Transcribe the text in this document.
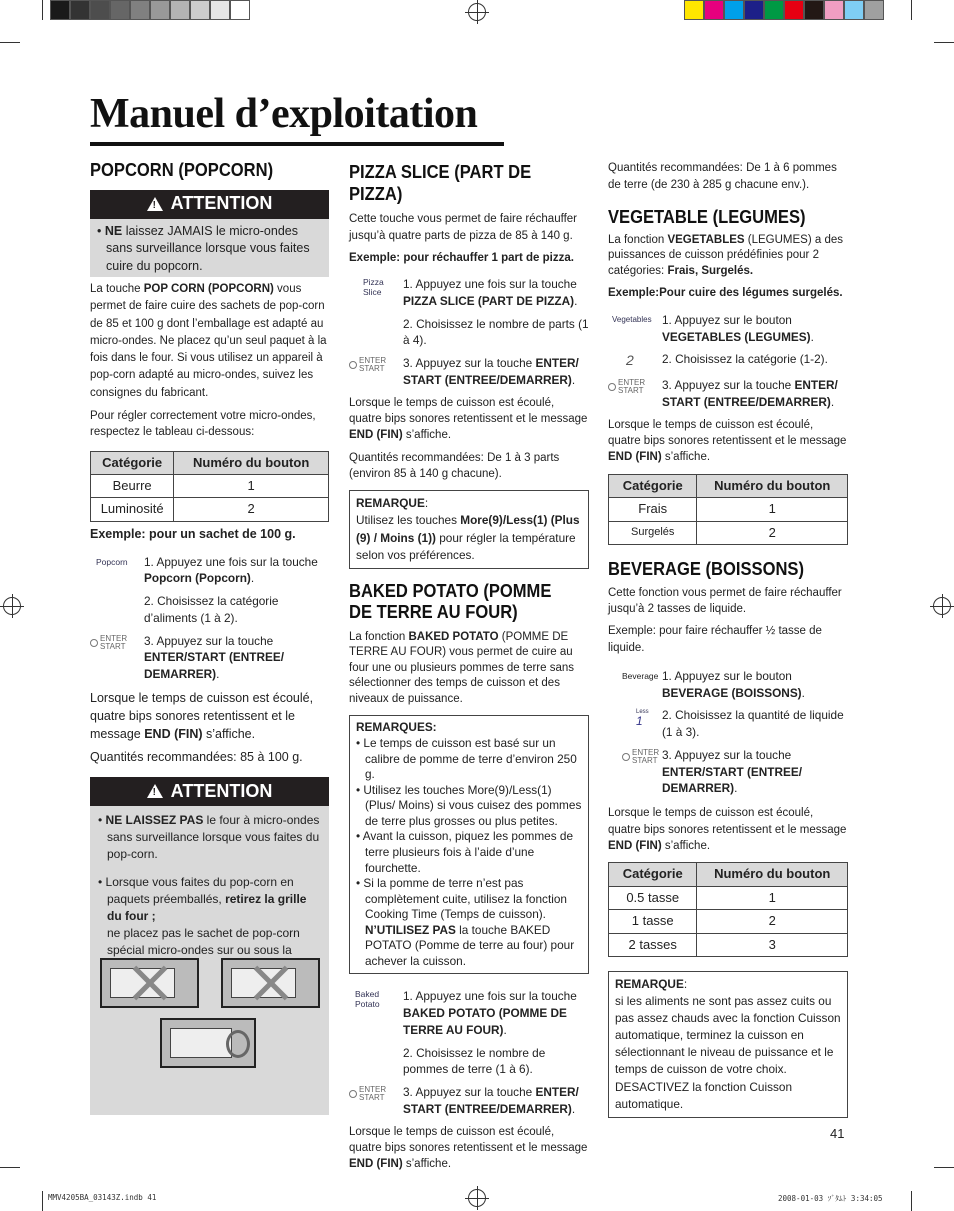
Manuel d’exploitation
POPCORN (POPCORN)
!
ATTENTION
• NE laissez JAMAIS le micro-ondes sans surveillance lorsque vous faites cuire du popcorn.
La touche POP CORN (POPCORN) vous permet de faire cuire des sachets de pop-corn de 85 et 100 g dont l’emballage est adapté au micro-ondes. Ne placez qu’un seul paquet à la fois dans le four. Si vous utilisez un appareil à pop-corn adapté au micro-ondes, suivez les consignes du fabricant.
Pour régler correctement votre micro-ondes, respectez le tableau ci-dessous:
Catégorie	Numéro du bouton
Beurre	1
Luminosité	2
Exemple: pour un sachet de 100 g.
Popcorn	1. Appuyez une fois sur la touche Popcorn (Popcorn).
2. Choisissez la catégorie d’aliments (1 à 2).
ENTER
START 3. Appuyez sur la touche ENTER/START (ENTREE/ DEMARRER).
Lorsque le temps de cuisson est écoulé, quatre bips sonores retentissent et le message END (FIN) s’affiche.
Quantités recommandées: 85 à 100 g.
!
ATTENTION
• NE LAISSEZ PAS le four à micro-ondes sans surveillance lorsque vous faites du pop-corn.
• Lorsque vous faites du pop-corn en paquets préemballés, retirez la grille du four ;
ne placez pas le sachet de pop-corn spécial micro-ondes sur ou sous la
PIZZA SLICE (PART DE PIZZA)
Cette touche vous permet de faire réchauffer jusqu’à quatre parts de pizza de 85 à 140 g.
Exemple: pour réchauffer 1 part de pizza.
Pizza
Slice
1. Appuyez une fois sur la touche PIZZA SLICE (PART DE PIZZA).
2. Choisissez le nombre de parts (1 à 4).
ENTER
START 3. Appuyez sur la touche ENTER/ START (ENTREE/DEMARRER).
Lorsque le temps de cuisson est écoulé, quatre bips sonores retentissent et le message END (FIN) s’affiche.
Quantités recommandées: De 1 à 3 parts (environ 85 à 140 g chacune).
REMARQUE:
Utilisez les touches More(9)/Less(1) (Plus (9) / Moins (1)) pour régler la température selon vos préférences.
BAKED POTATO (POMME DE TERRE AU FOUR)
La fonction BAKED POTATO (POMME DE TERRE AU FOUR) vous permet de cuire au four une ou plusieurs pommes de terre sans sélectionner des temps de cuisson et des niveaux de puissance.
REMARQUES:
• Le temps de cuisson est basé sur un calibre de pomme de terre d’environ 250 g.
• Utilisez les touches More(9)/Less(1) (Plus/ Moins) si vous cuisez des pommes de terre plus grosses ou plus petites.
• Avant la cuisson, piquez les pommes de terre plusieurs fois à l’aide d’une fourchette.
• Si la pomme de terre n’est pas complètement cuite, utilisez la fonction Cooking Time (Temps de cuisson).
N’UTILISEZ PAS la touche BAKED POTATO (Pomme de terre au four) pour achever la cuisson.
Baked
Potato
1. Appuyez une fois sur la touche BAKED POTATO (POMME DE TERRE AU FOUR).
2. Choisissez le nombre de pommes de terre (1 à 6).
ENTER
START 3. Appuyez sur la touche ENTER/ START (ENTREE/DEMARRER).
Lorsque le temps de cuisson est écoulé, quatre bips sonores retentissent et le message END (FIN) s’affiche.
Quantités recommandées: De 1 à 6 pommes de terre (de 230 à 285 g chacune env.).
VEGETABLE (LEGUMES)
La fonction VEGETABLES (LEGUMES) a des puissances de cuisson prédéfinies pour 2 catégories: Frais, Surgelés.
Exemple:Pour cuire des légumes surgelés.
Vegetables 1. Appuyez sur le bouton VEGETABLES (LEGUMES).
2	2. Choisissez la catégorie (1-2).
ENTER
START 3. Appuyez sur la touche ENTER/ START (ENTREE/DEMARRER).
Lorsque le temps de cuisson est écoulé, quatre bips sonores retentissent et le message END (FIN) s’affiche.
Catégorie	Numéro du bouton
Frais	1
Surgelés	2
BEVERAGE (BOISSONS)
Cette fonction vous permet de faire réchauffer jusqu’à 2 tasses de liquide.
Exemple: pour faire réchauffer ½ tasse de liquide.
Beverage 1. Appuyez sur le bouton BEVERAGE (BOISSONS).
Less
1	2. Choisissez la quantité de liquide (1 à 3).
ENTER
START 3. Appuyez sur la touche ENTER/START (ENTREE/ DEMARRER).
Lorsque le temps de cuisson est écoulé, quatre bips sonores retentissent et le message END (FIN) s’affiche.
Catégorie	Numéro du bouton
0.5 tasse	1
1 tasse	2
2 tasses	3
REMARQUE:
si les aliments ne sont pas assez cuits ou pas assez chauds avec la fonction Cuisson automatique, terminez la cuisson en sélectionnant le niveau de puissance et le temps de cuisson de votre choix. DESACTIVEZ la fonction Cuisson automatique.
41
MMV4205BA_03143Z.indb 41	2008-01-03 ｿﾞﾀﾑﾄ 3:34:05
